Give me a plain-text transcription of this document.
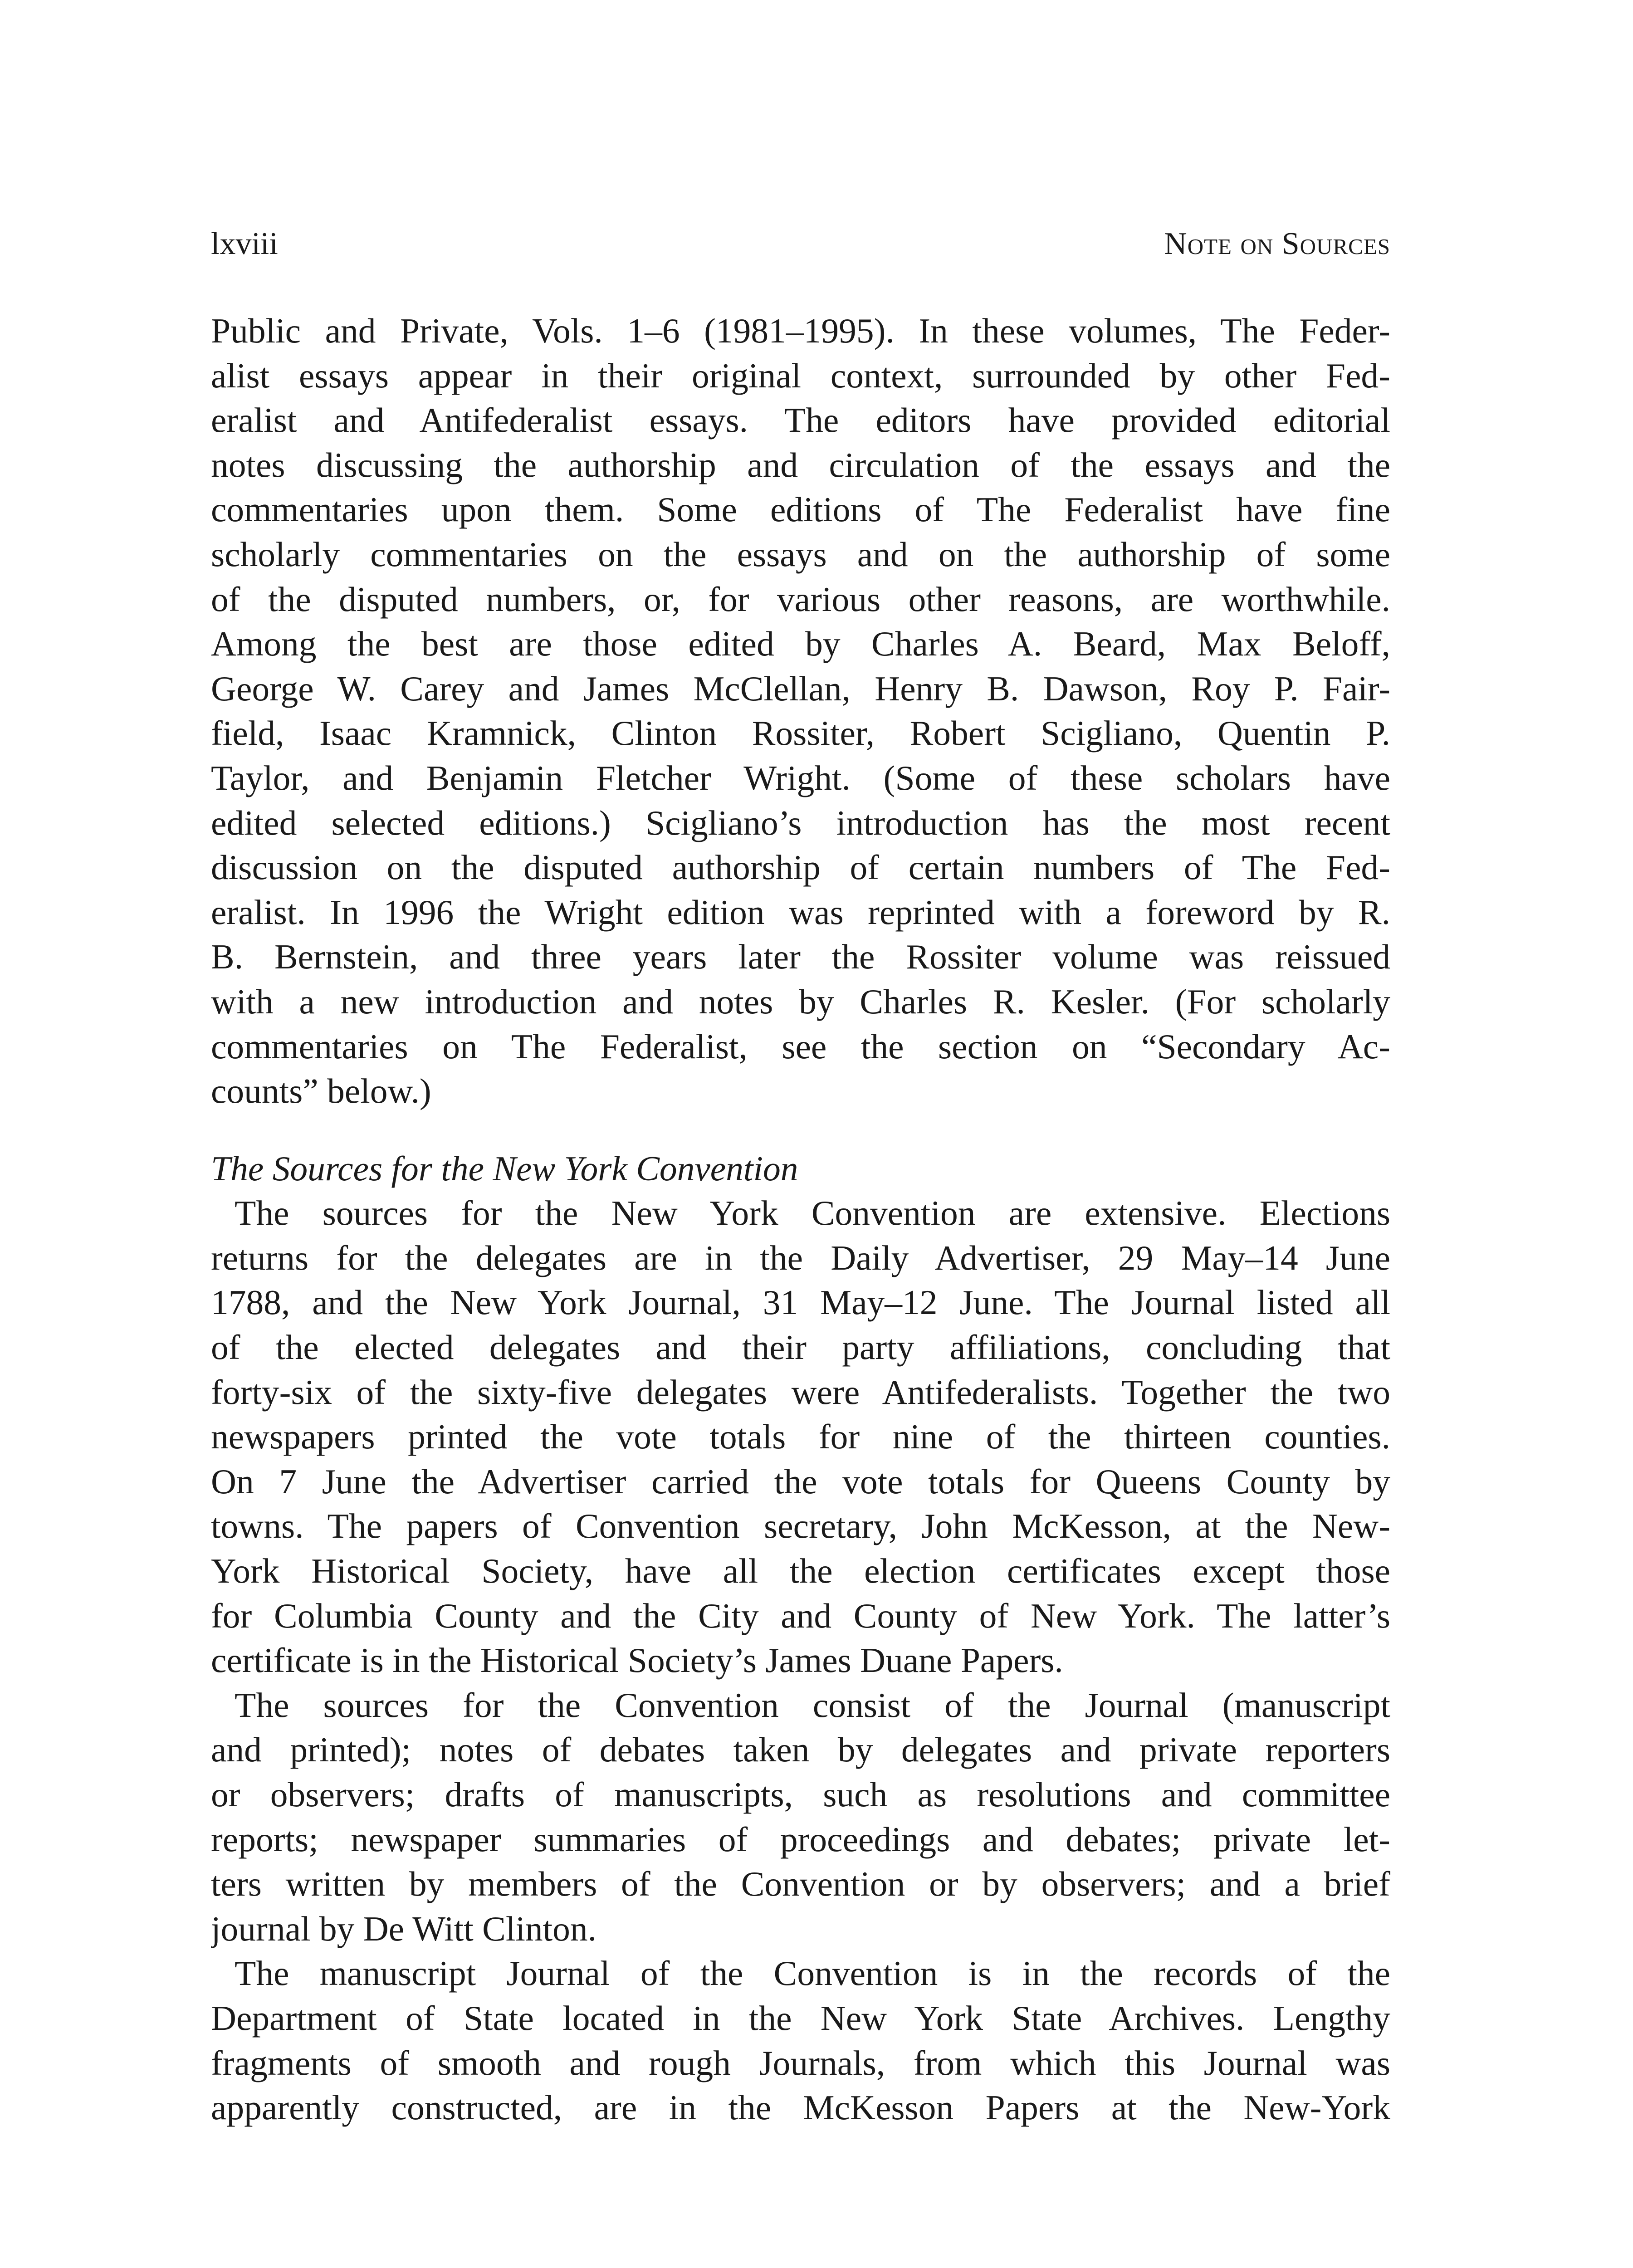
lxviii	Note on Sources
Public and Private, Vols. 1–6 (1981–1995). In these volumes, The Feder-
alist essays appear in their original context, surrounded by other Fed-
eralist and Antifederalist essays. The editors have provided editorial
notes discussing the authorship and circulation of the essays and the
commentaries upon them. Some editions of The Federalist have fine
scholarly commentaries on the essays and on the authorship of some
of the disputed numbers, or, for various other reasons, are worthwhile.
Among the best are those edited by Charles A. Beard, Max Beloff,
George W. Carey and James McClellan, Henry B. Dawson, Roy P. Fair-
field, Isaac Kramnick, Clinton Rossiter, Robert Scigliano, Quentin P.
Taylor, and Benjamin Fletcher Wright. (Some of these scholars have
edited selected editions.) Scigliano’s introduction has the most recent
discussion on the disputed authorship of certain numbers of The Fed-
eralist. In 1996 the Wright edition was reprinted with a foreword by R.
B. Bernstein, and three years later the Rossiter volume was reissued
with a new introduction and notes by Charles R. Kesler. (For scholarly
commentaries on The Federalist, see the section on “Secondary Ac-
counts” below.)
The Sources for the New York Convention
The sources for the New York Convention are extensive. Elections
returns for the delegates are in the Daily Advertiser, 29 May–14 June
1788, and the New York Journal, 31 May–12 June. The Journal listed all
of the elected delegates and their party affiliations, concluding that
forty-six of the sixty-five delegates were Antifederalists. Together the two
newspapers printed the vote totals for nine of the thirteen counties.
On 7 June the Advertiser carried the vote totals for Queens County by
towns. The papers of Convention secretary, John McKesson, at the New-
York Historical Society, have all the election certificates except those
for Columbia County and the City and County of New York. The latter’s
certificate is in the Historical Society’s James Duane Papers.
The sources for the Convention consist of the Journal (manuscript
and printed); notes of debates taken by delegates and private reporters
or observers; drafts of manuscripts, such as resolutions and committee
reports; newspaper summaries of proceedings and debates; private let-
ters written by members of the Convention or by observers; and a brief
journal by De Witt Clinton.
The manuscript Journal of the Convention is in the records of the
Department of State located in the New York State Archives. Lengthy
fragments of smooth and rough Journals, from which this Journal was
apparently constructed, are in the McKesson Papers at the New-York
